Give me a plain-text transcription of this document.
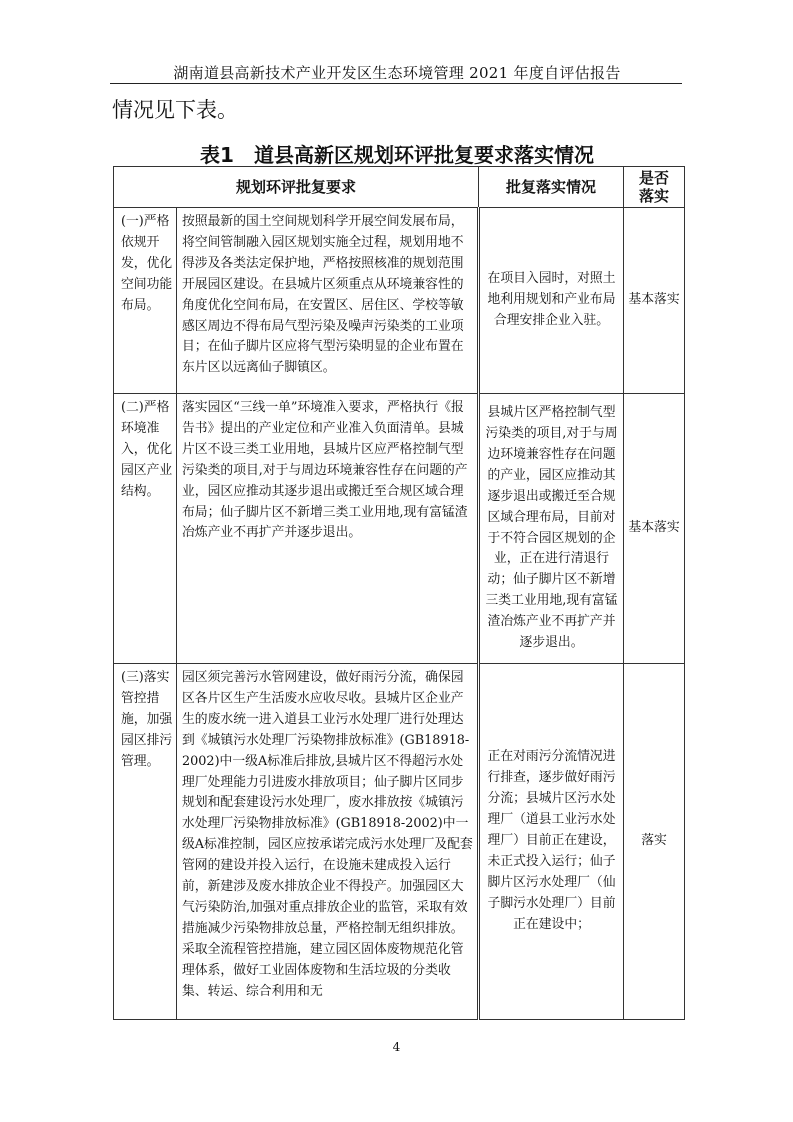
湖南道县高新技术产业开发区生态环境管理 2021 年度自评估报告
情况见下表。
表1　道县高新区规划环评批复要求落实情况
规划环评批复要求		批复落实情况	是否落实
(一)严格依规开发，优化空间功能布局。	按照最新的国土空间规划科学开展空间发展布局，将空间管制融入园区规划实施全过程，规划用地不得涉及各类法定保护地，严格按照核准的规划范围开展园区建设。在县城片区须重点从环境兼容性的角度优化空间布局，在安置区、居住区、学校等敏感区周边不得布局气型污染及噪声污染类的工业项目；在仙子脚片区应将气型污染明显的企业布置在东片区以远离仙子脚镇区。	在项目入园时，对照土地利用规划和产业布局合理安排企业入驻。	基本落实
(二)严格环境准入，优化园区产业结构。	落实园区“三线一单”环境准入要求，严格执行《报告书》提出的产业定位和产业准入负面清单。县城片区不设三类工业用地，县城片区应严格控制气型污染类的项目,对于与周边环境兼容性存在问题的产业，园区应推动其逐步退出或搬迁至合规区域合理布局；仙子脚片区不新增三类工业用地,现有富锰渣冶炼产业不再扩产并逐步退出。	县城片区严格控制气型污染类的项目,对于与周边环境兼容性存在问题的产业，园区应推动其逐步退出或搬迁至合规区域合理布局，目前对于不符合园区规划的企业，正在进行清退行动；仙子脚片区不新增三类工业用地,现有富锰渣冶炼产业不再扩产并逐步退出。	基本落实
(三)落实管控措施，加强园区排污管理。	园区须完善污水管网建设，做好雨污分流，确保园区各片区生产生活废水应收尽收。县城片区企业产生的废水统一进入道县工业污水处理厂进行处理达到《城镇污水处理厂污染物排放标准》(GB18918-2002)中一级A标准后排放,县城片区不得超污水处理厂处理能力引进废水排放项目；仙子脚片区同步规划和配套建设污水处理厂，废水排放按《城镇污水处理厂污染物排放标准》(GB18918-2002)中一级A标准控制，园区应按承诺完成污水处理厂及配套管网的建设并投入运行，在设施未建成投入运行前，新建涉及废水排放企业不得投产。加强园区大气污染防治,加强对重点排放企业的监管，采取有效措施减少污染物排放总量，严格控制无组织排放。采取全流程管控措施，建立园区固体废物规范化管理体系，做好工业固体废物和生活垃圾的分类收集、转运、综合利用和无	正在对雨污分流情况进行排查，逐步做好雨污分流；县城片区污水处理厂（道县工业污水处理厂）目前正在建设，未正式投入运行；仙子脚片区污水处理厂（仙子脚污水处理厂）目前正在建设中；	落实
4
